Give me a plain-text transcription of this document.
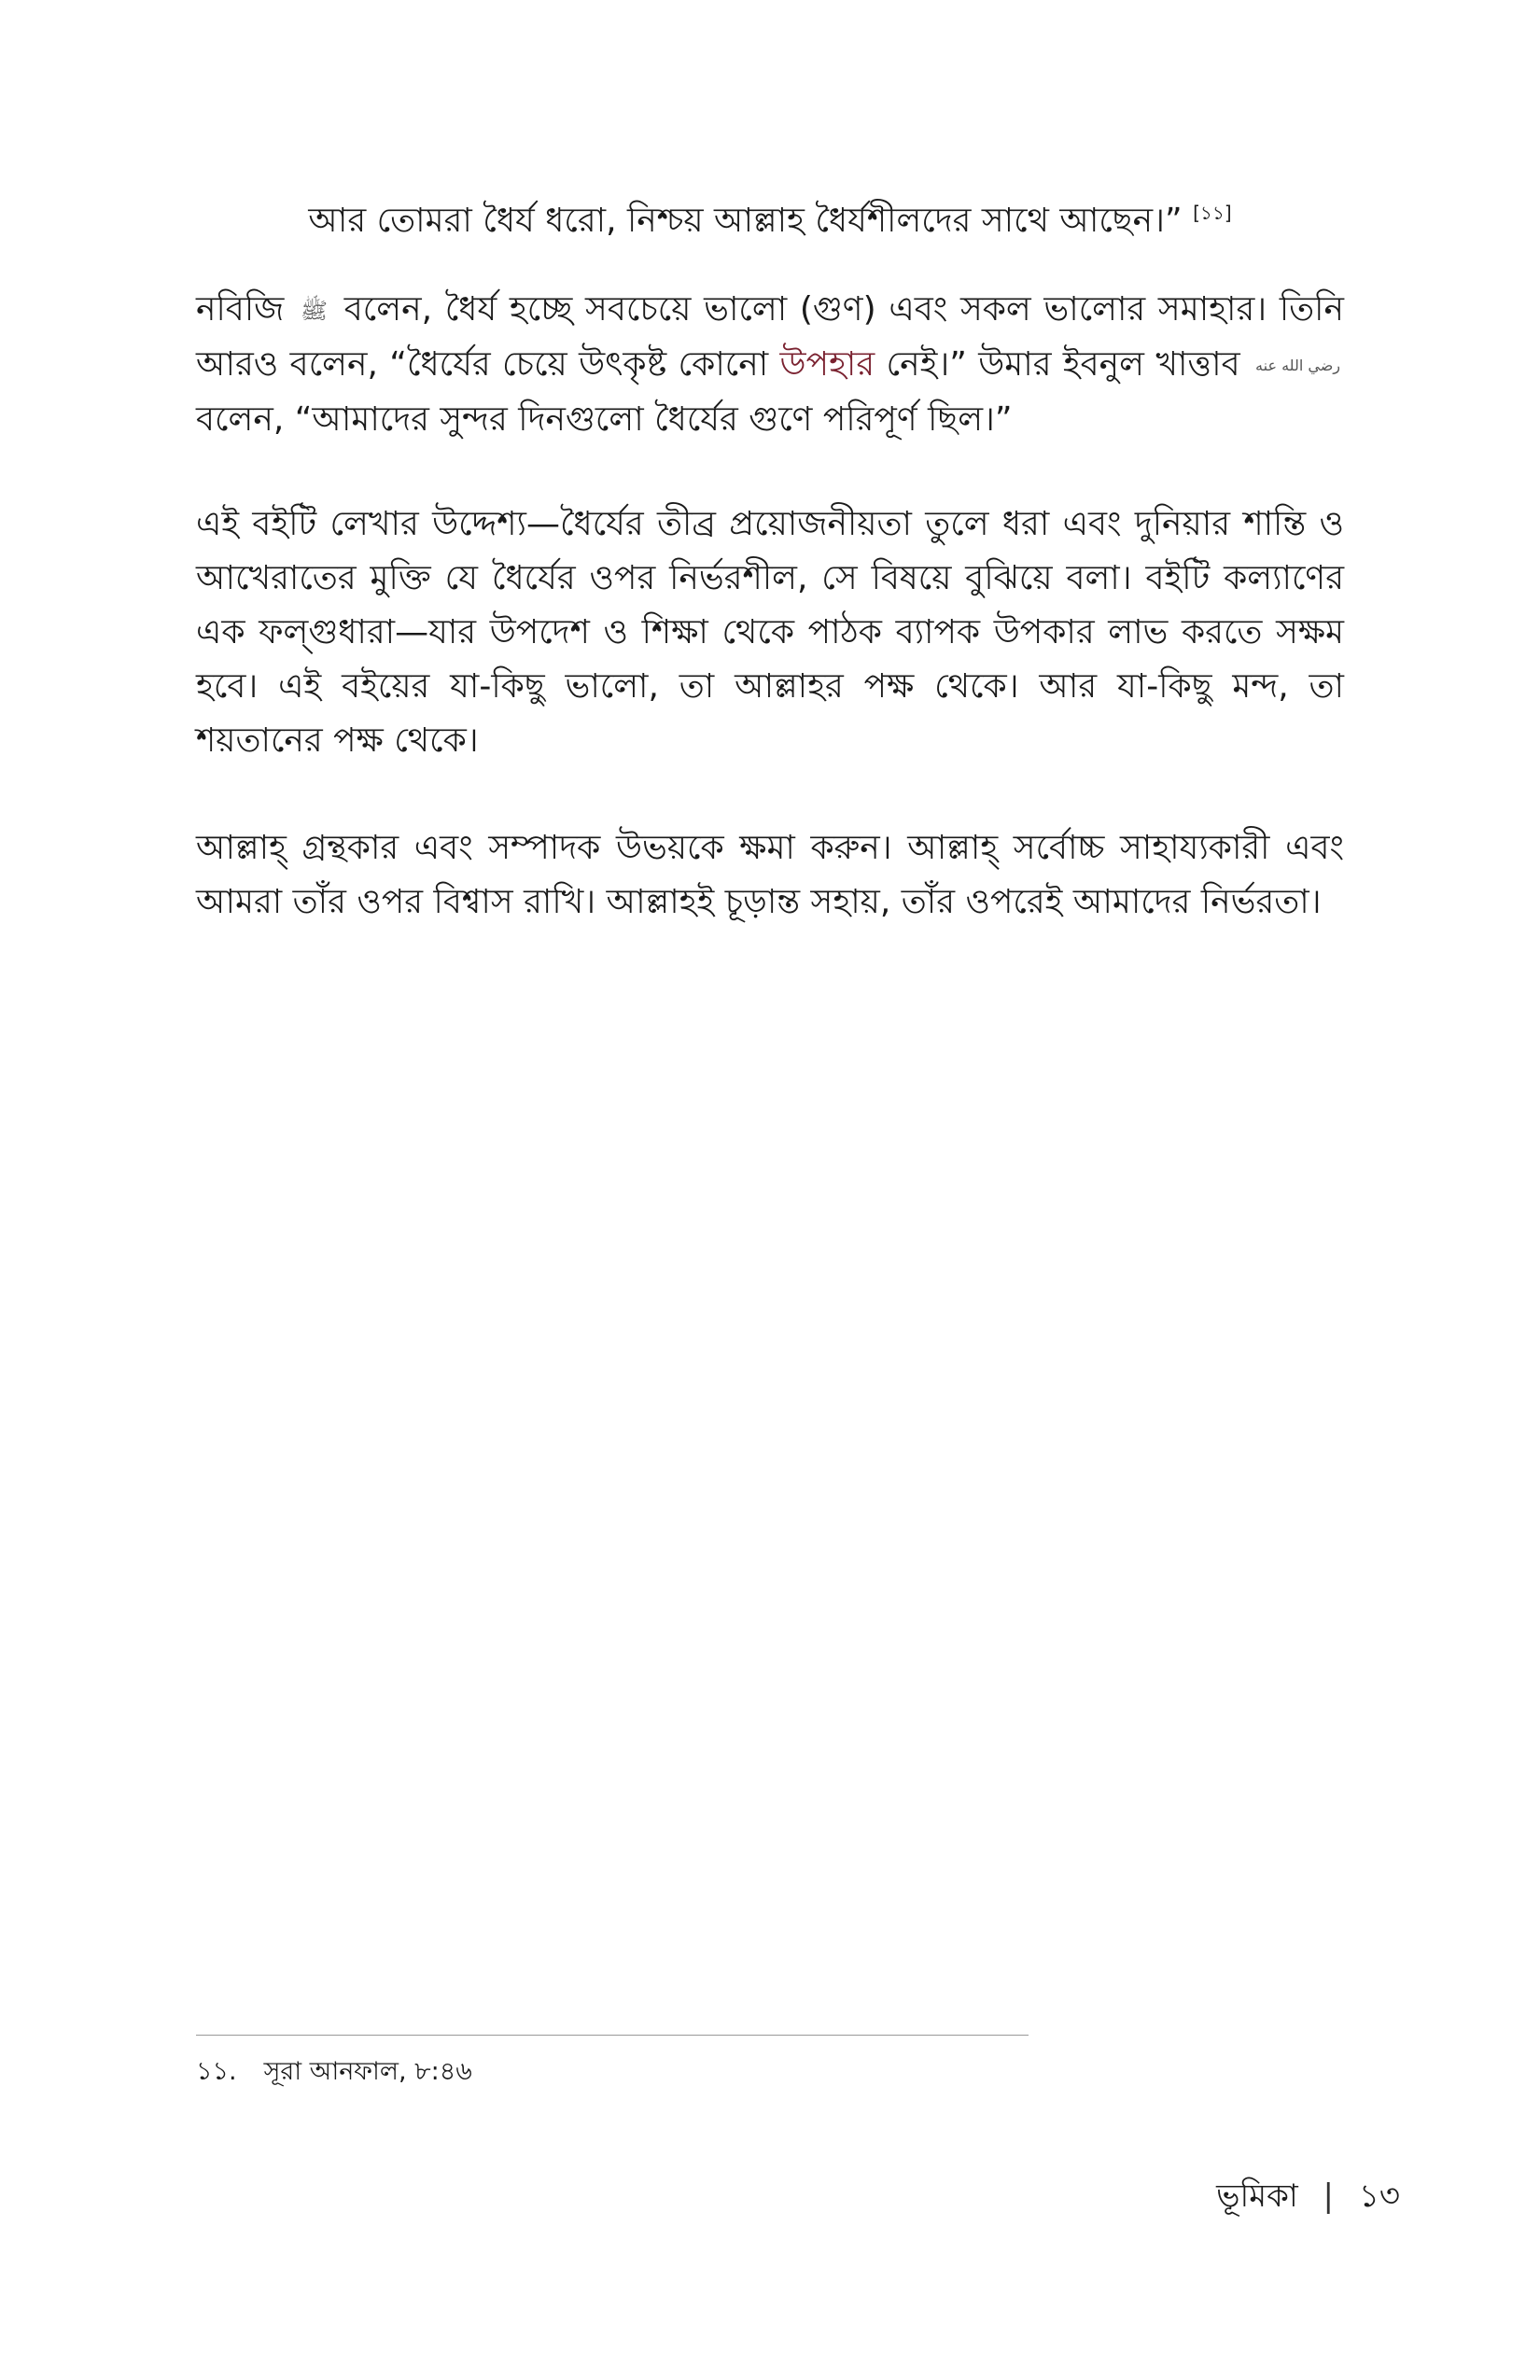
আর তোমরা ধৈর্য ধরো, নিশ্চয় আল্লাহ ধৈর্যশীলদের সাথে আছেন।” [১১]

নবিজি ﷺ বলেন, ধৈর্য হচ্ছে সবচেয়ে ভালো (গুণ) এবং সকল ভালোর সমাহার। তিনি আরও বলেন, “ধৈর্যের চেয়ে উৎকৃষ্ট কোনো উপহার নেই।” উমার ইবনুল খাত্তাব رضي الله عنه বলেন, “আমাদের সুন্দর দিনগুলো ধৈর্যের গুণে পরিপূর্ণ ছিল।”

এই বইটি লেখার উদ্দেশ্য—ধৈর্যের তীব্র প্রয়োজনীয়তা তুলে ধরা এবং দুনিয়ার শান্তি ও আখেরাতের মুক্তি যে ধৈর্যের ওপর নির্ভরশীল, সে বিষয়ে বুঝিয়ে বলা। বইটি কল্যাণের এক ফল্গুধারা—যার উপদেশ ও শিক্ষা থেকে পাঠক ব্যাপক উপকার লাভ করতে সক্ষম হবে। এই বইয়ের যা-কিছু ভালো, তা আল্লাহর পক্ষ থেকে। আর যা-কিছু মন্দ, তা শয়তানের পক্ষ থেকে।

আল্লাহ্ গ্রন্থকার এবং সম্পাদক উভয়কে ক্ষমা করুন। আল্লাহ্ সর্বোচ্চ সাহায্যকারী এবং আমরা তাঁর ওপর বিশ্বাস রাখি। আল্লাহই চূড়ান্ত সহায়, তাঁর ওপরেই আমাদের নির্ভরতা।

১১. সূরা আনফাল, ৮:৪৬
ভূমিকা | ১৩
